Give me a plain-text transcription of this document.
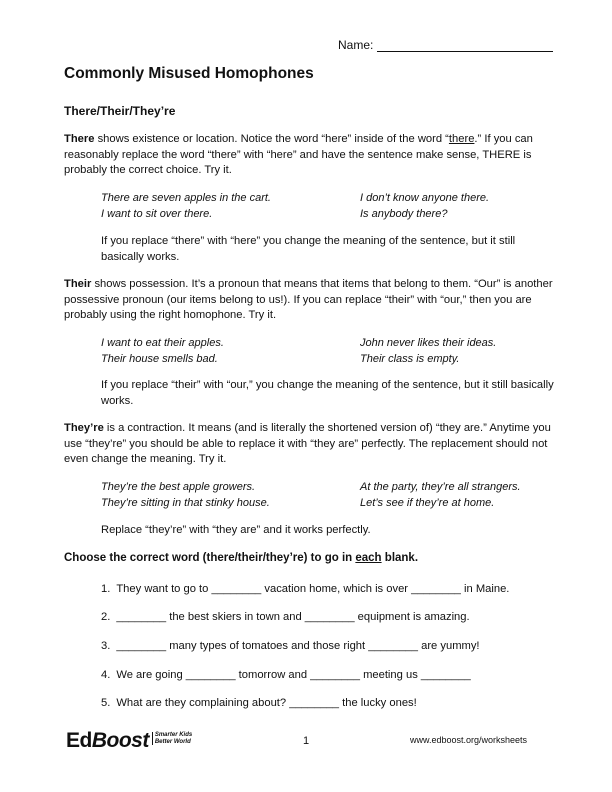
Name:
Commonly Misused Homophones
There/Their/They’re
There shows existence or location. Notice the word “here” inside of the word “there.” If you can reasonably replace the word “there” with “here” and have the sentence make sense, THERE is probably the correct choice. Try it.
There are seven apples in the cart.
I want to sit over there.
I don’t know anyone there.
Is anybody there?
If you replace “there” with “here” you change the meaning of the sentence, but it still basically works.
Their shows possession. It’s a pronoun that means that items that belong to them. “Our” is another possessive pronoun (our items belong to us!). If you can replace “their” with “our,” then you are probably using the right homophone. Try it.
I want to eat their apples.
Their house smells bad.
John never likes their ideas.
Their class is empty.
If you replace “their” with “our,” you change the meaning of the sentence, but it still basically works.
They’re is a contraction. It means (and is literally the shortened version of) “they are.” Anytime you use “they’re” you should be able to replace it with “they are” perfectly. The replacement should not even change the meaning. Try it.
They’re the best apple growers.
They’re sitting in that stinky house.
At the party, they’re all strangers.
Let’s see if they’re at home.
Replace “they’re” with “they are” and it works perfectly.
Choose the correct word (there/their/they’re) to go in each blank.
1. They want to go to ________ vacation home, which is over ________ in Maine.
2. ________ the best skiers in town and ________ equipment is amazing.
3. ________ many types of tomatoes and those right ________ are yummy!
4. We are going ________ tomorrow and ________ meeting us ________
5. What are they complaining about? ________ the lucky ones!
EdBoost Smarter Kids
Better World	1	www.edboost.org/worksheets
